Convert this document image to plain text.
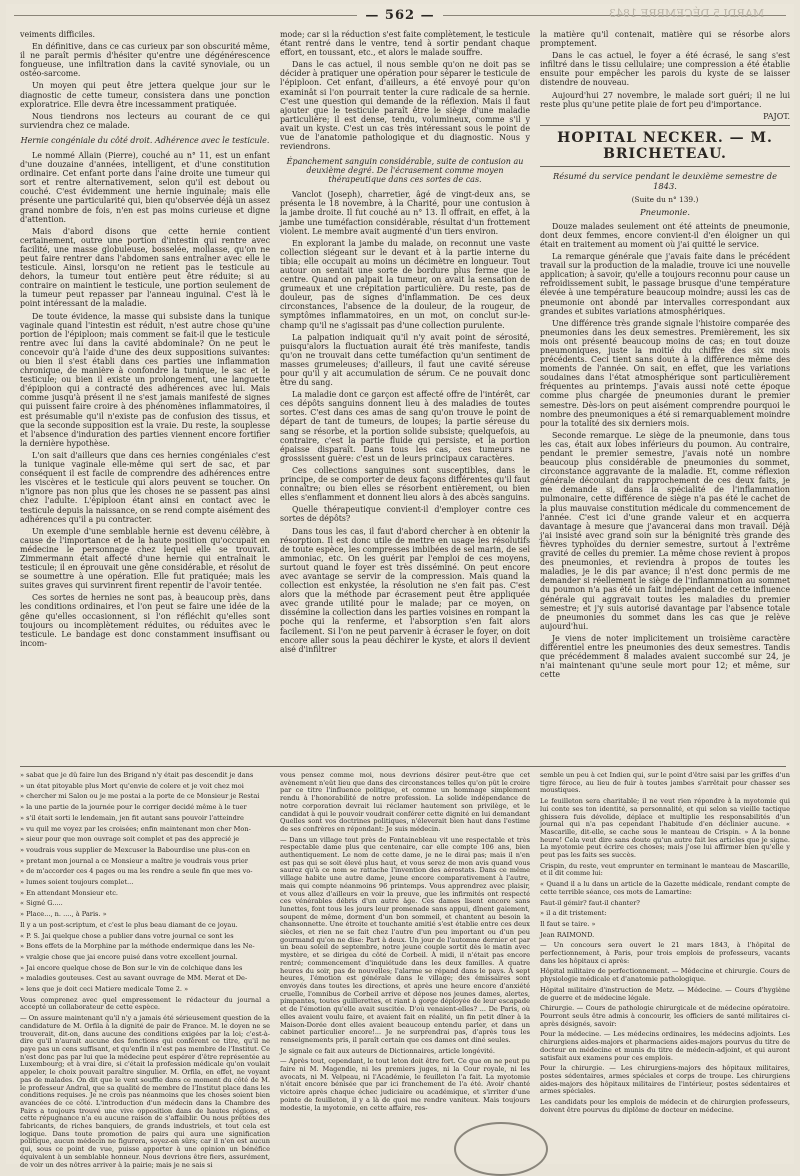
— 562 —	MARDI 5 DÉCEMBRE 1843

veiments difficiles.

En définitive, dans ce cas curieux par son obscurité même, il ne paraît permis d'hésiter qu'entre une dégénérescence fongueuse, une infiltration dans la cavité synoviale, ou un ostéo-sarcome.

Un moyen qui peut être jettera quelque jour sur le diagnostic de cette tumeur, consistera dans une ponction exploratrice. Elle devra être incessamment pratiquée.

Nous tiendrons nos lecteurs au courant de ce qui surviendra chez ce malade.

Hernie congéniale du côté droit. Adhérence avec le testicule.

Le nommé Allain (Pierre), couché au n° 11, est un enfant d'une douzaine d'années, intelligent, et d'une constitution ordinaire. Cet enfant porte dans l'aine droite une tumeur qui sort et rentre alternativement, selon qu'il est debout ou couché. C'est évidemment une hernie inguinale; mais elle présente une particularité qui, bien qu'observée déjà un assez grand nombre de fois, n'en est pas moins curieuse et digne d'attention.

Mais d'abord disons que cette hernie contient certainement, outre une portion d'intestin qui rentre avec facilité, une masse globuleuse, bosselée, mollasse, qu'on ne peut faire rentrer dans l'abdomen sans entraîner avec elle le testicule. Ainsi, lorsqu'on ne retient pas le testicule au dehors, la tumeur tout entière peut être réduite; si au contraire on maintient le testicule, une portion seulement de la tumeur peut repasser par l'anneau inguinal. C'est là le point intéressant de la maladie.

De toute évidence, la masse qui subsiste dans la tunique vaginale quand l'intestin est réduit, n'est autre chose qu'une portion de l'épiploon; mais comment se fait-il que le testicule rentre avec lui dans la cavité abdominale? On ne peut le concevoir qu'à l'aide d'une des deux suppositions suivantes: ou bien il s'est établi dans ces parties une inflammation chronique, de manière à confondre la tunique, le sac et le testicule; ou bien il existe un prolongement, une languette d'épiploon qui a contracté des adhérences avec lui. Mais comme jusqu'à présent il ne s'est jamais manifesté de signes qui puissent faire croire à des phénomènes inflammatoires, il est présumable qu'il n'existe pas de confusion des tissus, et que la seconde supposition est la vraie. Du reste, la souplesse et l'absence d'induration des parties viennent encore fortifier la dernière hypothèse.

L'on sait d'ailleurs que dans ces hernies congéniales c'est la tunique vaginale elle-même qui sert de sac, et par conséquent il est facile de comprendre des adhérences entre les viscères et le testicule qui alors peuvent se toucher. On n'ignore pas non plus que les choses ne se passent pas ainsi chez l'adulte. L'épiploon étant ainsi en contact avec le testicule depuis la naissance, on se rend compte aisément des adhérences qu'il a pu contracter.

Un exemple d'une semblable hernie est devenu célèbre, à cause de l'importance et de la haute position qu'occupait en médecine le personnage chez lequel elle se trouvait. Zimmermann était affecté d'une hernie qui entraînait le testicule; il en éprouvait une gêne considérable, et résolut de se soumettre à une opération. Elle fut pratiquée; mais les suites graves qui survinrent firent repentir de l'avoir tentée.

Ces sortes de hernies ne sont pas, à beaucoup près, dans les conditions ordinaires, et l'on peut se faire une idée de la gêne qu'elles occasionnent, si l'on réfléchit qu'elles sont toujours ou incomplètement réduites, ou réduites avec le testicule. Le bandage est donc constamment insuffisant ou incom-

mode; car si la réduction s'est faite complètement, le testicule étant rentré dans le ventre, tend à sortir pendant chaque effort, en toussant, etc., et alors le malade souffre.

Dans le cas actuel, il nous semble qu'on ne doit pas se décider à pratiquer une opération pour séparer le testicule de l'épiploon. Cet enfant, d'ailleurs, a été envoyé pour qu'on examinât si l'on pourrait tenter la cure radicale de sa hernie. C'est une question qui demande de la réflexion. Mais il faut ajouter que le testicule paraît être le siège d'une maladie particulière; il est dense, tendu, volumineux, comme s'il y avait un kyste. C'est un cas très intéressant sous le point de vue de l'anatomie pathologique et du diagnostic. Nous y reviendrons.

Épanchement sanguin considérable, suite de contusion au deuxième degré. De l'écrasement comme moyen thérapeutique dans ces sortes de cas.

Vanclot (Joseph), charretier, âgé de vingt-deux ans, se présenta le 18 novembre, à la Charité, pour une contusion à la jambe droite. Il fut couché au n° 13. Il offrait, en effet, à la jambe une tuméfaction considérable, résultat d'un frottement violent. Le membre avait augmenté d'un tiers environ.

En explorant la jambe du malade, on reconnut une vaste collection siégeant sur le devant et à la partie interne du tibia; elle occupait au moins un décimètre en longueur. Tout autour on sentait une sorte de bordure plus ferme que le centre. Quand on palpait la tumeur, on avait la sensation de grumeaux et une crépitation particulière. Du reste, pas de douleur, pas de signes d'inflammation. De ces deux circonstances, l'absence de la douleur, de la rougeur, de symptômes inflammatoires, en un mot, on conclut sur-le-champ qu'il ne s'agissait pas d'une collection purulente.

La palpation indiquait qu'il n'y avait point de sérosité, puisqu'alors la fluctuation aurait été très manifeste, tandis qu'on ne trouvait dans cette tuméfaction qu'un sentiment de masses grumeleuses; d'ailleurs, il faut une cavité séreuse pour qu'il y ait accumulation de sérum. Ce ne pouvait donc être du sang.

La maladie dont ce garçon est affecté offre de l'intérêt, car ces dépôts sanguins donnent lieu à des maladies de toutes sortes. C'est dans ces amas de sang qu'on trouve le point de départ de tant de tumeurs, de loupes; la partie séreuse du sang se résorbe, et la portion solide subsiste; quelquefois, au contraire, c'est la partie fluide qui persiste, et la portion épaisse disparaît. Dans tous les cas, ces tumeurs ne grossissent guère: c'est un de leurs principaux caractères.

Ces collections sanguines sont susceptibles, dans le principe, de se comporter de deux façons différentes qu'il faut connaître; ou bien elles se résorbent entièrement, ou bien elles s'enflamment et donnent lieu alors à des abcès sanguins.

Quelle thérapeutique convient-il d'employer contre ces sortes de dépôts?

Dans tous les cas, il faut d'abord chercher à en obtenir la résorption. Il est donc utile de mettre en usage les résolutifs de toute espèce, les compresses imbibées de sel marin, de sel ammoniac, etc. On les guérit par l'emploi de ces moyens, surtout quand le foyer est très disséminé. On peut encore avec avantage se servir de la compression. Mais quand la collection est enkystée, la résolution ne s'en fait pas. C'est alors que la méthode par écrasement peut être appliquée avec grande utilité pour le malade; par ce moyen, on dissémine la collection dans les parties voisines en rompant la poche qui la renferme, et l'absorption s'en fait alors facilement. Si l'on ne peut parvenir à écraser le foyer, on doit encore aller sous la peau déchirer le kyste, et alors il devient aisé d'infiltrer

la matière qu'il contenait, matière qui se résorbe alors promptement.

Dans le cas actuel, le foyer a été écrasé, le sang s'est infiltré dans le tissu cellulaire; une compression a été établie ensuite pour empêcher les parois du kyste de se laisser distendre de nouveau.

Aujourd'hui 27 novembre, le malade sort guéri; il ne lui reste plus qu'une petite plaie de fort peu d'importance.

PAJOT.
HOPITAL NECKER. — M. BRICHETEAU.
Résumé du service pendant le deuxième semestre de 1843.
(Suite du n° 139.)
Pneumonie.

Douze malades seulement ont été atteints de pneumonie, dont deux femmes, encore convient-il d'en éloigner un qui était en traitement au moment où j'ai quitté le service.

La remarque générale que j'avais faite dans le précédent travail sur la production de la maladie, trouve ici une nouvelle application; à savoir, qu'elle a toujours reconnu pour cause un refroidissement subit, le passage brusque d'une température élevée à une température beaucoup moindre; aussi les cas de pneumonie ont abondé par intervalles correspondant aux grandes et subites variations atmosphériques.

Une différence très grande signale l'histoire comparée des pneumonies dans les deux semestres. Premièrement, les six mois ont présenté beaucoup moins de cas; en tout douze pneumoniques, juste la moitié du chiffre des six mois précédents. Ceci tient sans doute à la différence même des moments de l'année. On sait, en effet, que les variations soudaines dans l'état atmosphérique sont particulièrement fréquentes au printemps. J'avais aussi noté cette époque comme plus chargée de pneumonies durant le premier semestre. Dès-lors on peut aisément comprendre pourquoi le nombre des pneumoniques a été si remarquablement moindre pour la totalité des six derniers mois.

Seconde remarque. Le siège de la pneumonie, dans tous les cas, était aux lobes inférieurs du poumon. Au contraire, pendant le premier semestre, j'avais noté un nombre beaucoup plus considérable de pneumonies du sommet, circonstance aggravante de la maladie. Et, comme réflexion générale découlant du rapprochement de ces deux faits, je me demande si, dans la spécialité de l'inflammation pulmonaire, cette différence de siège n'a pas été le cachet de la plus mauvaise constitution médicale du commencement de l'année. C'est ici d'une grande valeur et en acquerra davantage à mesure que j'avancerai dans mon travail. Déjà j'ai insisté avec grand soin sur la bénignité très grande des fièvres typhoïdes du dernier semestre, surtout à l'extrême gravité de celles du premier. La même chose revient à propos des pneumonies, et reviendra à propos de toutes les maladies, je le dis par avance; il n'est donc permis de me demander si réellement le siège de l'inflammation au sommet du poumon n'a pas été un fait indépendant de cette influence générale qui aggravait toutes les maladies du premier semestre; et j'y suis autorisé davantage par l'absence totale de pneumonies du sommet dans les cas que je relève aujourd'hui.

Je viens de noter implicitement un troisième caractère différentiel entre les pneumonies des deux semestres. Tandis que précédemment 8 malades avaient succombé sur 24, je n'ai maintenant qu'une seule mort pour 12; et même, sur cette

» sabat que je dû faire lun des Brigand n'y était pas descendit je dans

» un état pitoyable plus Mort qu'envie de colere et je voit chez moi

» chercher mi Salon ou je me postai a la porte de ce Monsieur je Restai

» la une partie de la journée pour le corriger decidé même à le tuer

» s'il était sorti le lendemain, jen fit autant sans pouvoir l'atteindre

» vu quil me voyez par les croisées; enfin maintenant mon cher Mon-

» sieur pour que mon ouvrage soit complet et pas des apprecié je

» voudrais vous supplier de Mexcuser la Babourdise une plus-con en

» pretant mon journal a ce Monsieur a maître je voudrais vous prier

» de m'accorder ces 4 pages ou ma les rendre a seule fin que mes vo-

» lumes soient toujours complet...

» En attendant Monsieur etc.

« Signé G.....

» Place..., n. ...., à Paris. »

Il y a un post-scriptum, et c'est le plus beau diamant de ce joyau.

« P. S. Jai quelque chose a publier dans votre journal ce sont les

» Bons effets de la Morphine par la méthode endermique dans les Ne-

» vralgie chose que jai encore puisé dans votre excellent journal.

» Jai encore quelque chose de Bon sur le vin de colchique dans les

» maladies gouteuses. Cest au savant ouvrage de MM. Merat et De-

» lens que je doit ceci Matiere medicale Tome 2. »

Vous comprenez avec quel empressement le rédacteur du journal a accepté un collaborateur de cette espèce.

— On assure maintenant qu'il n'y a jamais été sérieusement question de la candidature de M. Orfila à la dignité de pair de France. M. le doyen ne se trouverait, dit-on, dans aucune des conditions exigées par la loi; c'est-à-dire qu'il n'aurait aucune des fonctions qui confèrent ce titre, qu'il ne paye pas un cens suffisant, et qu'enfin il n'est pas membre de l'Institut. Ce n'est donc pas par lui que la médecine peut espérer d'être représentée au Luxembourg; et à vrai dire, si c'était la profession médicale qu'on voulait appeler, le choix pouvait paraître singulier. M. Orfila, en effet, ne voyant pas de malades. On dit que le vent souffle dans ce moment du côté de M. le professeur Andral, que sa qualité de membre de l'Institut place dans les conditions requises. Je ne crois pas néanmoins que les choses soient bien avancées de ce côté. L'introduction d'un médecin dans la Chambre des Pairs a toujours trouvé une vive opposition dans de hautes régions, et cette répugnance n'a eu aucune raison de s'affaiblir. Ou nous prêtées des fabricants, de riches banquiers, de grands industriels, et tout cela est logique. Dans toute promotion de pairs qui aura une signification politique, aucun médecin ne figurera, soyez-en sûrs; car il n'en est aucun qui, sous ce point de vue, puisse apporter à une opinion un bénéfice équivalent à un semblable honneur. Nous devrions être fiers, assurément, de voir un des nôtres arriver à la pairie; mais je ne sais si

vous pensez comme moi, nous devrions désirer peut-être que cet avènement n'eût lieu que dans des circonstances telles qu'on pût le croire par ce titre l'influence politique, et comme un hommage simplement rendu à l'honorabilité de notre profession. La solide indépendance de notre corporation devrait lui réclamer hautement son privilège, et le candidat à qui le pouvoir voudrait conférer cette dignité en lui demandant Quelles sont vos doctrines politiques, n'éleverait bien haut dans l'estime de ses confrères en répondant: Je suis médecin.

— Dans un village tout près de Fontainebleau vit une respectable et très respectable dame plus que centenaire, car elle compte 106 ans, bien authentiquement. Le nom de cette dame, je ne le dirai pas; mais il n'en est pas qui se soit élevé plus haut, et vous serez de mon avis quand vous saurez qu'à ce nom se rattache l'invention des aérostats. Dans ce même village habite une autre dame, jeune encore comparativement à l'autre, mais qui compte néanmoins 96 printemps. Vous apprendrez avec plaisir, et vous allez d'ailleurs en voir la preuve, que les infirmités ont respecté ces vénérables débris d'un autre âge. Ces dames lisent encore sans lunettes, font tous les jours leur promenade sans appui, dînent gaiement, soupent de même, dorment d'un bon sommeil, et chantent au besoin la chansonnette. Une étroite et touchante amitié s'est établie entre ces deux siècles, et rien ne se fait chez l'autre d'un peu important ou d'un peu gourmand qu'on ne dise: Part à deux. Un jour de l'automne dernier et par un beau soleil de septembre, notre jeune couple sortit dès le matin avec mystère, et se dirigea du côté de Corbeil. À midi, il n'était pas encore rentré; commencement d'inquiétude dans les deux familles. À quatre heures du soir, pas de nouvelles; l'alarme se répand dans le pays. À sept heures, l'émotion est générale dans le village; des émissaires sont envoyés dans toutes les directions, et après une heure encore d'anxiété cruelle, l'omnibus de Corbeil arrive et dépose nos jeunes dames, alertes, pimpantes, toutes guillerettes, et riant à gorge déployée de leur escapade et de l'émotion qu'elle avait suscitée. D'où venaient-elles? ... De Paris, où elles avaient voulu faire, et avaient fait en réalité, un fin petit dîner à la Maison-Dorée dont elles avaient beaucoup entendu parler, et dans un cabinet particulier encore!... Je ne surprendrai pas, d'après tous les renseignements pris, il paraît certain que ces dames ont diné seules.

Je signale ce fait aux auteurs de Dictionnaires, article longévité.

— Après tout, cependant, le tout leton doit être fort. Ce que on ne peut pu faire ni M. Magendie, ni les premiers juges, ni la Cour royale, ni les avocats, ni M. Velpeau, ni l'Académie, le feuilleton l'a fait. La myotomie n'était encore bénisée que par ici franchement de l'a été. Avoir chanté victoire après chaque échec judiciaire ou académique, et s'irriter d'une pointe de feuilleton, il y a là de quoi me rendre vaniteux. Mais toujours modestie, la myotomie, en cette affaire, res-

semble un peu à cet Indien qui, sur le point d'être saisi par les griffes d'un tigre féroce, au lieu de fuir à toutes jambes s'arrêtait pour chasser ses moustiques.

Le feuilleton sera charitable; il ne veut rien répondre à la myotomie qui lui conte ses ton identité, sa personnalité, et qui selon sa vieille tactique ghissera fuis dévolide, déplace et multiplie les responsabilités d'un journal qui n'a pas cependant l'habitude d'en déclinier aucune. « Mascarille, dit-elle, se cache sous le manteau de Crispin. » À la bonne heure! Cela veut dire sans doute qu'un autre fait les articles que je signe. La myotomie peut écrire ces choses; mais j'ose lui affirmer bien qu'elle y peut pas les faits ses succès.

Crispin, du reste, veut emprunter en terminant le manteau de Mascarille, et il dit comme lui:

« Quand il a lu dans un article de la Gazette médicale, rendant compte de cette terrible séance, ces mots de Lamartine:

Faut-il gémir? faut-il chanter?

» il a dit tristement:

Il faut se taire. »

Jean RAIMOND.

— Un concours sera ouvert le 21 mars 1843, à l'hôpital de perfectionnement, à Paris, pour trois emplois de professeurs, vacants dans les hôpitaux ci après:

Hôpital militaire de perfectionnement. — Médecine et chirurgie. Cours de physiologie médicale et d'anatomie pathologique.

Hôpital militaire d'instruction de Metz. — Médecine. — Cours d'hygiène de guerre et de médecine légale.

Chirurgie. — Cours de pathologie chirurgicale et de médecine opératoire. Pourront seuls être admis à concourir, les officiers de santé militaires ci-après désignés, savoir:

Pour la médecine. — Les médecins ordinaires, les médecins adjoints. Les chirurgiens aides-majors et pharmaciens aides-majors pourvus du titre de docteur en médecine et munis du titre de médecin-adjoint, et qui auront satisfait aux examens pour ces emplois.

Pour la chirurgie. — Les chirurgiens-majors des hôpitaux militaires, postes sédentaires, armes spéciales et corps de troupe. Les chirurgiens aides-majors des hôpitaux militaires de l'intérieur, postes sédentaires et armes spéciales.

Les candidats pour les emplois de médecin et de chirurgien professeurs, doivent être pourvus du diplôme de docteur en médecine.
